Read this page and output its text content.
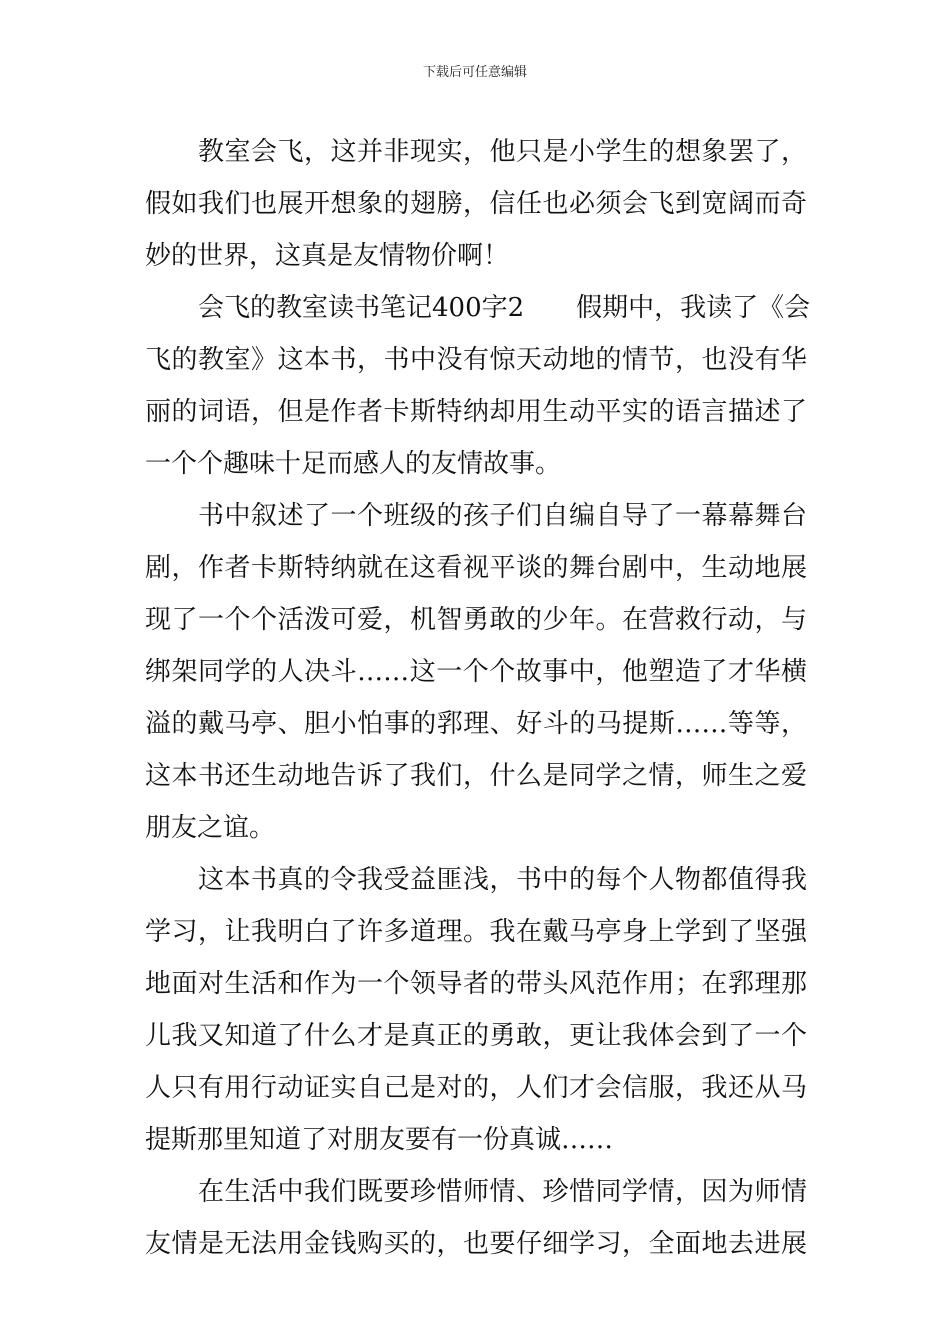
下载后可任意编辑
教室会飞，这并非现实，他只是小学生的想象罢了，
假如我们也展开想象的翅膀，信任也必须会飞到宽阔而奇
妙的世界，这真是友情物价啊！
会飞的教室读书笔记400字2　　假期中，我读了《会
飞的教室》这本书，书中没有惊天动地的情节，也没有华
丽的词语，但是作者卡斯特纳却用生动平实的语言描述了
一个个趣味十足而感人的友情故事。
书中叙述了一个班级的孩子们自编自导了一幕幕舞台
剧，作者卡斯特纳就在这看视平谈的舞台剧中，生动地展
现了一个个活泼可爱，机智勇敢的少年。在营救行动，与
绑架同学的人决斗……这一个个故事中，他塑造了才华横
溢的戴马亭、胆小怕事的郛理、好斗的马提斯……等等，
这本书还生动地告诉了我们，什么是同学之情，师生之爱
朋友之谊。
这本书真的令我受益匪浅，书中的每个人物都值得我
学习，让我明白了许多道理。我在戴马亭身上学到了坚强
地面对生活和作为一个领导者的带头风范作用；在郛理那
儿我又知道了什么才是真正的勇敢，更让我体会到了一个
人只有用行动证实自己是对的，人们才会信服，我还从马
提斯那里知道了对朋友要有一份真诚……
在生活中我们既要珍惜师情、珍惜同学情，因为师情
友情是无法用金钱购买的，也要仔细学习，全面地去进展
